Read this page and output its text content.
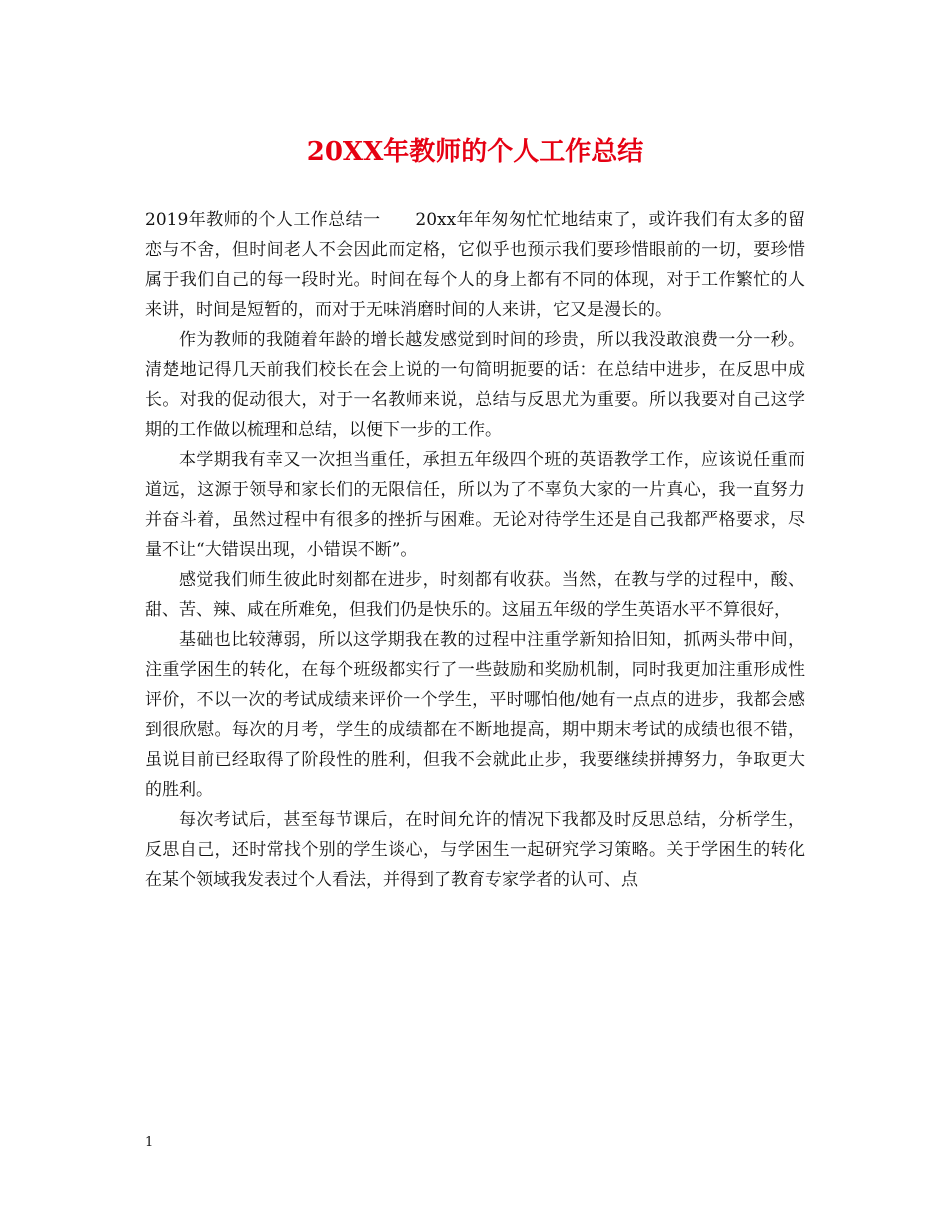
20XX年教师的个人工作总结

2019年教师的个人工作总结一　　20xx年年匆匆忙忙地结束了，或许我们有太多的留恋与不舍，但时间老人不会因此而定格，它似乎也预示我们要珍惜眼前的一切，要珍惜属于我们自己的每一段时光。时间在每个人的身上都有不同的体现，对于工作繁忙的人来讲，时间是短暂的，而对于无味消磨时间的人来讲，它又是漫长的。

作为教师的我随着年龄的增长越发感觉到时间的珍贵，所以我没敢浪费一分一秒。清楚地记得几天前我们校长在会上说的一句简明扼要的话：在总结中进步，在反思中成长。对我的促动很大，对于一名教师来说，总结与反思尤为重要。所以我要对自己这学期的工作做以梳理和总结，以便下一步的工作。

本学期我有幸又一次担当重任，承担五年级四个班的英语教学工作，应该说任重而道远，这源于领导和家长们的无限信任，所以为了不辜负大家的一片真心，我一直努力并奋斗着，虽然过程中有很多的挫折与困难。无论对待学生还是自己我都严格要求，尽量不让“大错误出现，小错误不断”。

感觉我们师生彼此时刻都在进步，时刻都有收获。当然，在教与学的过程中，酸、甜、苦、辣、咸在所难免，但我们仍是快乐的。这届五年级的学生英语水平不算很好，

基础也比较薄弱，所以这学期我在教的过程中注重学新知拾旧知，抓两头带中间，注重学困生的转化，在每个班级都实行了一些鼓励和奖励机制，同时我更加注重形成性评价，不以一次的考试成绩来评价一个学生，平时哪怕他/她有一点点的进步，我都会感到很欣慰。每次的月考，学生的成绩都在不断地提高，期中期末考试的成绩也很不错，虽说目前已经取得了阶段性的胜利，但我不会就此止步，我要继续拼搏努力，争取更大的胜利。

每次考试后，甚至每节课后，在时间允许的情况下我都及时反思总结，分析学生，反思自己，还时常找个别的学生谈心，与学困生一起研究学习策略。关于学困生的转化在某个领域我发表过个人看法，并得到了教育专家学者的认可、点

1
